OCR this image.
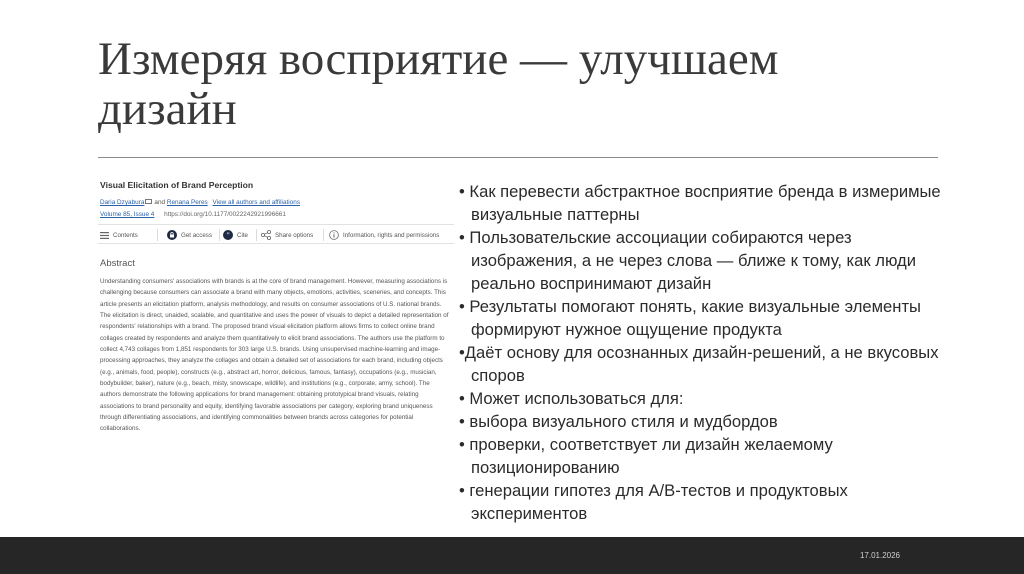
Измеряя восприятие — улучшаем
дизайн
Visual Elicitation of Brand Perception
Daria Dzyabura and Renana Peres View all authors and affiliations
Volume 85, Issue 4 https://doi.org/10.1177/0022242921996661
Contents	Get access ” Cite	Share options	Information, rights and permissions
Abstract
Understanding consumers' associations with brands is at the core of brand management. However, measuring associations is challenging because consumers can associate a brand with many objects, emotions, activities, sceneries, and concepts. This article presents an elicitation platform, analysis methodology, and results on consumer associations of U.S. national brands. The elicitation is direct, unaided, scalable, and quantitative and uses the power of visuals to depict a detailed representation of respondents' relationships with a brand. The proposed brand visual elicitation platform allows firms to collect online brand collages created by respondents and analyze them quantitatively to elicit brand associations. The authors use the platform to collect 4,743 collages from 1,851 respondents for 303 large U.S. brands. Using unsupervised machine-learning and image-processing approaches, they analyze the collages and obtain a detailed set of associations for each brand, including objects (e.g., animals, food, people), constructs (e.g., abstract art, horror, delicious, famous, fantasy), occupations (e.g., musician, bodybuilder, baker), nature (e.g., beach, misty, snowscape, wildlife), and institutions (e.g., corporate, army, school). The authors demonstrate the following applications for brand management: obtaining prototypical brand visuals, relating associations to brand personality and equity, identifying favorable associations per category, exploring brand uniqueness through differentiating associations, and identifying commonalities between brands across categories for potential collaborations.
• Как перевести абстрактное восприятие бренда в измеримые
визуальные паттерны
• Пользовательские ассоциации собираются через
изображения, а не через слова — ближе к тому, как люди
реально воспринимают дизайн
• Результаты помогают понять, какие визуальные элементы
формируют нужное ощущение продукта
•Даёт основу для осознанных дизайн-решений, а не вкусовых
споров
• Может использоваться для:
• выбора визуального стиля и мудбордов
• проверки, соответствует ли дизайн желаемому
позиционированию
• генерации гипотез для A/B-тестов и продуктовых
экспериментов
17.01.2026
